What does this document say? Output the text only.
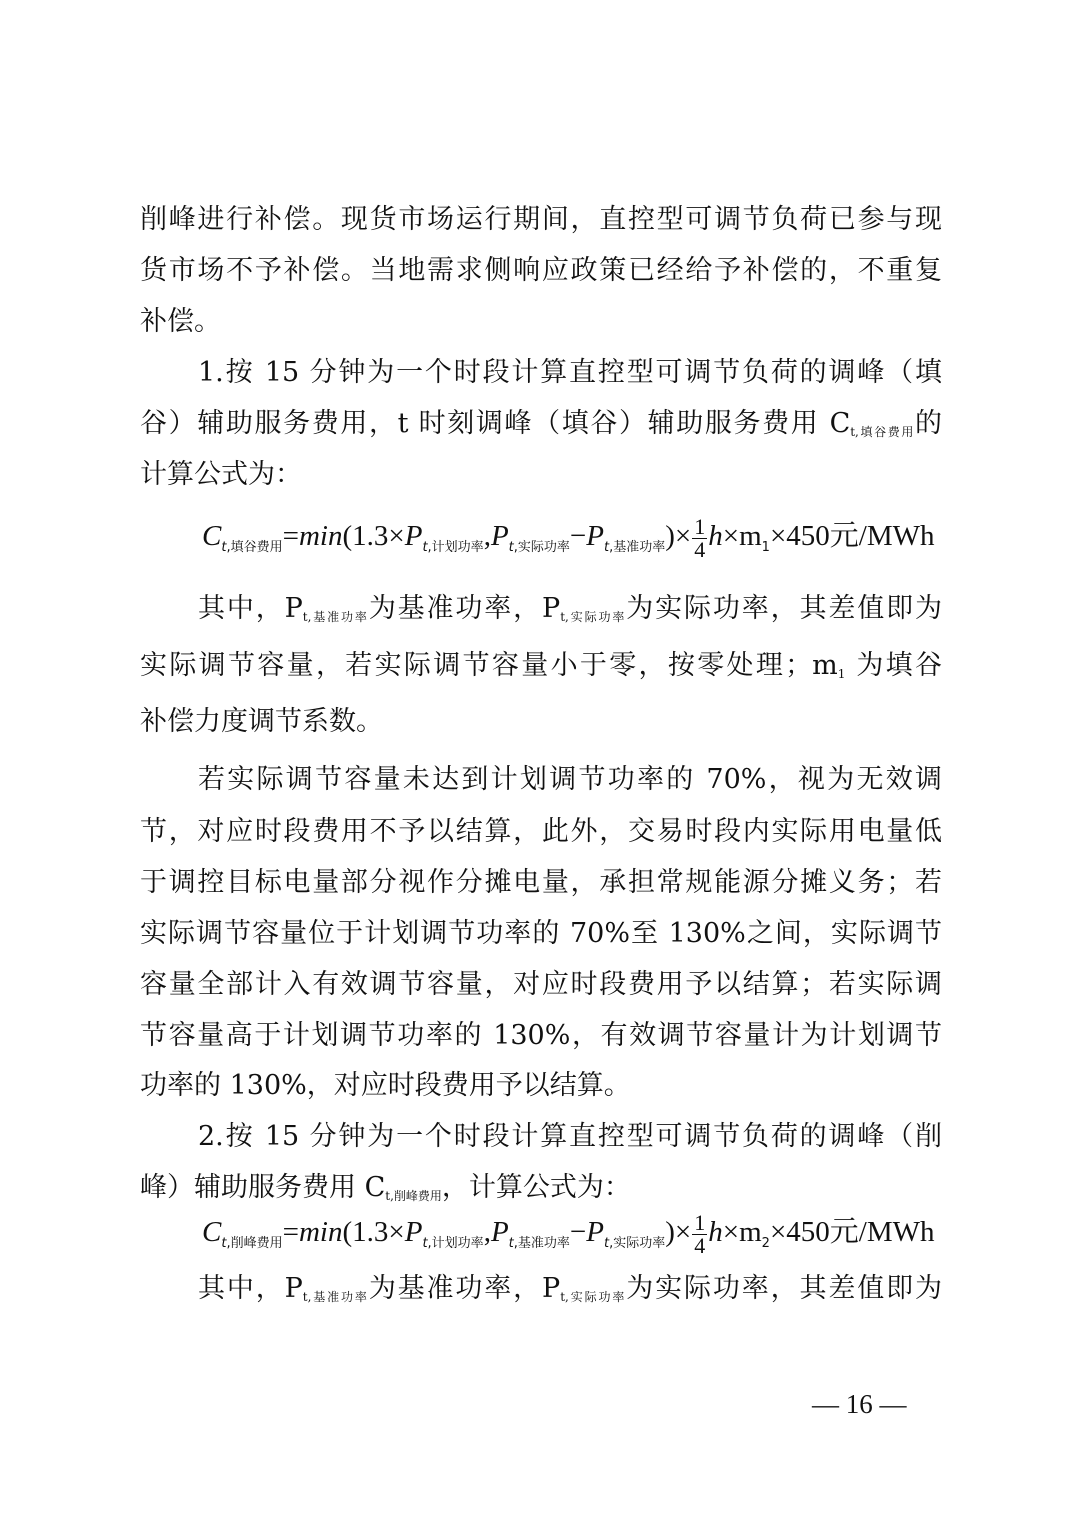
削峰进行补偿。现货市场运行期间，直控型可调节负荷已参与现
货市场不予补偿。当地需求侧响应政策已经给予补偿的，不重复
补偿。
1.按 15 分钟为一个时段计算直控型可调节负荷的调峰（填
谷）辅助服务费用，t 时刻调峰（填谷）辅助服务费用 $C_{t,填谷费用}$的
计算公式为：
$C_{t,填谷费用}=\min(1.3\times P_{t,计划功率},P_{t,实际功率}-P_{t,基准功率})\times \frac{1}{4} h\times m_1\times 450$元/MWh
其中，$P_{t,基准功率}$为基准功率，$P_{t,实际功率}$为实际功率，其差值即为
实际调节容量，若实际调节容量小于零，按零处理；$m_1$ 为填谷
补偿力度调节系数。
若实际调节容量未达到计划调节功率的 70%，视为无效调
节，对应时段费用不予以结算，此外，交易时段内实际用电量低
于调控目标电量部分视作分摊电量，承担常规能源分摊义务；若
实际调节容量位于计划调节功率的 70%至 130%之间，实际调节
容量全部计入有效调节容量，对应时段费用予以结算；若实际调
节容量高于计划调节功率的 130%，有效调节容量计为计划调节
功率的 130%，对应时段费用予以结算。
2.按 15 分钟为一个时段计算直控型可调节负荷的调峰（削
峰）辅助服务费用 $C_{t,削峰费用}$，计算公式为：
$C_{t,削峰费用}=\min(1.3\times P_{t,计划功率},P_{t,基准功率}-P_{t,实际功率})\times \frac{1}{4} h\times m_2\times 450$元/MWh
其中，$P_{t,基准功率}$为基准功率，$P_{t,实际功率}$为实际功率，其差值即为
— 16 —
